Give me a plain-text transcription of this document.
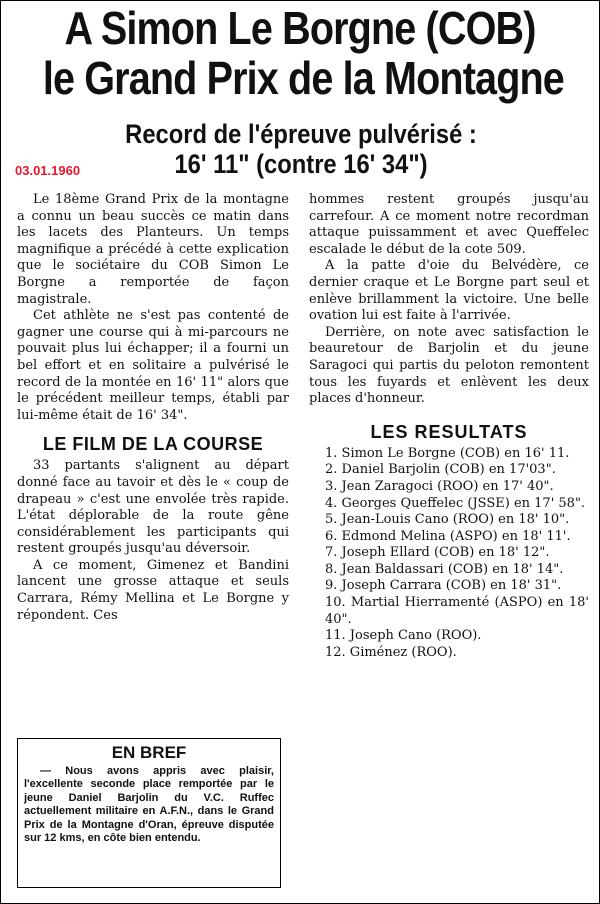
A Simon Le Borgne (COB)
le Grand Prix de la Montagne
Record de l'épreuve pulvérisé :
16' 11" (contre 16' 34")
03.01.1960

Le 18ème Grand Prix de la montagne a connu un beau succès ce matin dans les lacets des Planteurs. Un temps magnifique a précédé à cette explication que le sociétaire du COB Simon Le Borgne a remportée de façon magistrale.

Cet athlète ne s'est pas contenté de gagner une course qui à mi-parcours ne pouvait plus lui échapper; il a fourni un bel effort et en solitaire a pulvérisé le record de la montée en 16' 11" alors que le précédent meilleur temps, établi par lui-même était de 16' 34".

LE FILM DE LA COURSE

33 partants s'alignent au départ donné face au tavoir et dès le « coup de drapeau » c'est une envolée très rapide. L'état déplorable de la route gêne considérablement les participants qui restent groupés jusqu'au déversoir.

A ce moment, Gimenez et Bandini lancent une grosse attaque et seuls Carrara, Rémy Mellina et Le Borgne y répondent. Ces

hommes restent groupés jusqu'au carrefour. A ce moment notre recordman attaque puissamment et avec Queffelec escalade le début de la cote 509.

A la patte d'oie du Belvédère, ce dernier craque et Le Borgne part seul et enlève brillamment la victoire. Une belle ovation lui est faite à l'arrivée.

Derrière, on note avec satisfaction le beauretour de Barjolin et du jeune Saragoci qui partis du peloton remontent tous les fuyards et enlèvent les deux places d'honneur.

LES RESULTATS
1. Simon Le Borgne (COB) en 16' 11.
2. Daniel Barjolin (COB) en 17'03".
3. Jean Zaragoci (ROO) en 17' 40".
4. Georges Queffelec (JSSE) en 17' 58".
5. Jean-Louis Cano (ROO) en 18' 10".
6. Edmond Melina (ASPO) en 18' 11'.
7. Joseph Ellard (COB) en 18' 12".
8. Jean Baldassari (COB) en 18' 14".
9. Joseph Carrara (COB) en 18' 31".
10. Martial Hierramenté (ASPO) en 18' 40".
11. Joseph Cano (ROO).
12. Giménez (ROO).
EN BREF
— Nous avons appris avec plaisir, l'excellente seconde place remportée par le jeune Daniel Barjolin du V.C. Ruffec actuellement militaire en A.F.N., dans le Grand Prix de la Montagne d'Oran, épreuve disputée sur 12 kms, en côte bien entendu.
